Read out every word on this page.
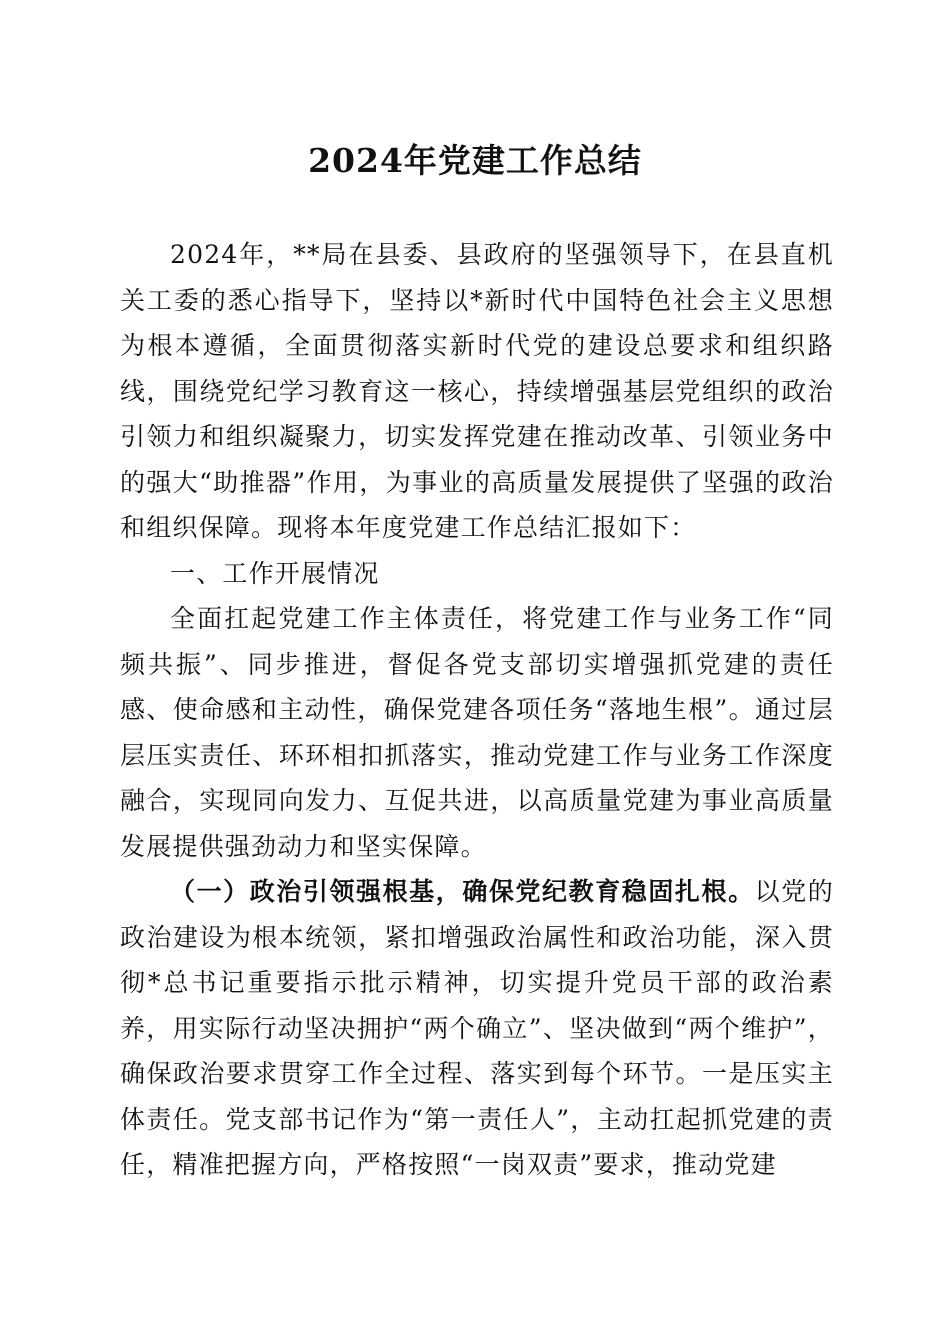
2024年党建工作总结

2024年，**局在县委、县政府的坚强领导下，在县直机关工委的悉心指导下，坚持以*新时代中国特色社会主义思想为根本遵循，全面贯彻落实新时代党的建设总要求和组织路线，围绕党纪学习教育这一核心，持续增强基层党组织的政治引领力和组织凝聚力，切实发挥党建在推动改革、引领业务中的强大“助推器”作用，为事业的高质量发展提供了坚强的政治和组织保障。现将本年度党建工作总结汇报如下：

一、工作开展情况

全面扛起党建工作主体责任，将党建工作与业务工作“同频共振”、同步推进，督促各党支部切实增强抓党建的责任感、使命感和主动性，确保党建各项任务“落地生根”。通过层层压实责任、环环相扣抓落实，推动党建工作与业务工作深度融合，实现同向发力、互促共进，以高质量党建为事业高质量发展提供强劲动力和坚实保障。

（一）政治引领强根基，确保党纪教育稳固扎根。以党的政治建设为根本统领，紧扣增强政治属性和政治功能，深入贯彻*总书记重要指示批示精神，切实提升党员干部的政治素养，用实际行动坚决拥护“两个确立”、坚决做到“两个维护”，确保政治要求贯穿工作全过程、落实到每个环节。一是压实主体责任。党支部书记作为“第一责任人”，主动扛起抓党建的责任，精准把握方向，严格按照“一岗双责”要求，推动党建
